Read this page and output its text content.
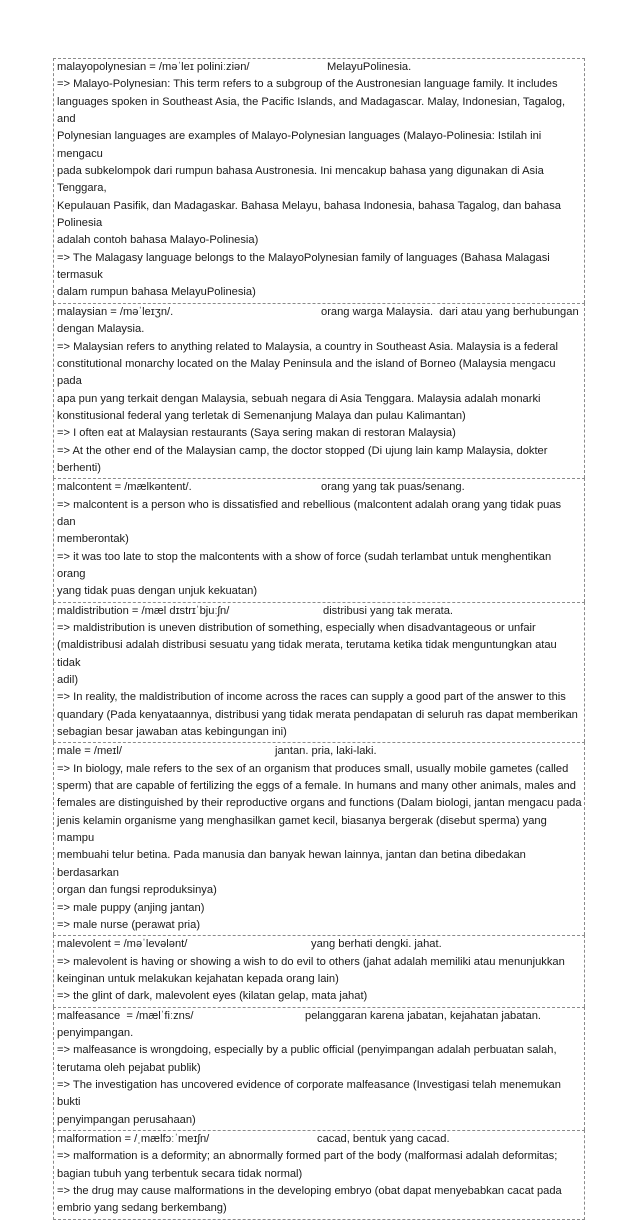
malayopolynesian = /məˈleɪ poliniːziən/	MelayuPolinesia.
=> Malayo-Polynesian: This term refers to a subgroup of the Austronesian language family. It includes
languages spoken in Southeast Asia, the Pacific Islands, and Madagascar. Malay, Indonesian, Tagalog, and
Polynesian languages are examples of Malayo-Polynesian languages (Malayo-Polinesia: Istilah ini mengacu
pada subkelompok dari rumpun bahasa Austronesia. Ini mencakup bahasa yang digunakan di Asia Tenggara,
Kepulauan Pasifik, dan Madagaskar. Bahasa Melayu, bahasa Indonesia, bahasa Tagalog, dan bahasa Polinesia
adalah contoh bahasa Malayo-Polinesia)
=> The Malagasy language belongs to the MalayoPolynesian family of languages (Bahasa Malagasi termasuk
dalam rumpun bahasa MelayuPolinesia)
malaysian = /məˈleɪʒn/.	orang warga Malaysia.  dari atau yang berhubungan
dengan Malaysia.
=> Malaysian refers to anything related to Malaysia, a country in Southeast Asia. Malaysia is a federal
constitutional monarchy located on the Malay Peninsula and the island of Borneo (Malaysia mengacu pada
apa pun yang terkait dengan Malaysia, sebuah negara di Asia Tenggara. Malaysia adalah monarki
konstitusional federal yang terletak di Semenanjung Malaya dan pulau Kalimantan)
=> I often eat at Malaysian restaurants (Saya sering makan di restoran Malaysia)
=> At the other end of the Malaysian camp, the doctor stopped (Di ujung lain kamp Malaysia, dokter
berhenti)
malcontent = /mælkəntent/.	orang yang tak puas/senang.
=> malcontent is a person who is dissatisfied and rebellious (malcontent adalah orang yang tidak puas dan
memberontak)
=> it was too late to stop the malcontents with a show of force (sudah terlambat untuk menghentikan orang
yang tidak puas dengan unjuk kekuatan)
maldistribution = /mæl dɪstrɪˈbjuːʃn/	distribusi yang tak merata.
=> maldistribution is uneven distribution of something, especially when disadvantageous or unfair
(maldistribusi adalah distribusi sesuatu yang tidak merata, terutama ketika tidak menguntungkan atau tidak
adil)
=> In reality, the maldistribution of income across the races can supply a good part of the answer to this
quandary (Pada kenyataannya, distribusi yang tidak merata pendapatan di seluruh ras dapat memberikan
sebagian besar jawaban atas kebingungan ini)
male = /meɪl/	jantan. pria, laki-laki.
=> In biology, male refers to the sex of an organism that produces small, usually mobile gametes (called
sperm) that are capable of fertilizing the eggs of a female. In humans and many other animals, males and
females are distinguished by their reproductive organs and functions (Dalam biologi, jantan mengacu pada
jenis kelamin organisme yang menghasilkan gamet kecil, biasanya bergerak (disebut sperma) yang mampu
membuahi telur betina. Pada manusia dan banyak hewan lainnya, jantan dan betina dibedakan berdasarkan
organ dan fungsi reproduksinya)
=> male puppy (anjing jantan)
=> male nurse (perawat pria)
malevolent = /məˈlevələnt/	yang berhati dengki. jahat.
=> malevolent is having or showing a wish to do evil to others (jahat adalah memiliki atau menunjukkan
keinginan untuk melakukan kejahatan kepada orang lain)
=> the glint of dark, malevolent eyes (kilatan gelap, mata jahat)
malfeasance  = /mælˈfiːzns/	pelanggaran karena jabatan, kejahatan jabatan.
penyimpangan.
=> malfeasance is wrongdoing, especially by a public official (penyimpangan adalah perbuatan salah,
terutama oleh pejabat publik)
=> The investigation has uncovered evidence of corporate malfeasance (Investigasi telah menemukan bukti
penyimpangan perusahaan)
malformation = /ˌmælfɔːˈmeɪʃn/	cacad, bentuk yang cacad.
=> malformation is a deformity; an abnormally formed part of the body (malformasi adalah deformitas;
bagian tubuh yang terbentuk secara tidak normal)
=> the drug may cause malformations in the developing embryo (obat dapat menyebabkan cacat pada
embrio yang sedang berkembang)
